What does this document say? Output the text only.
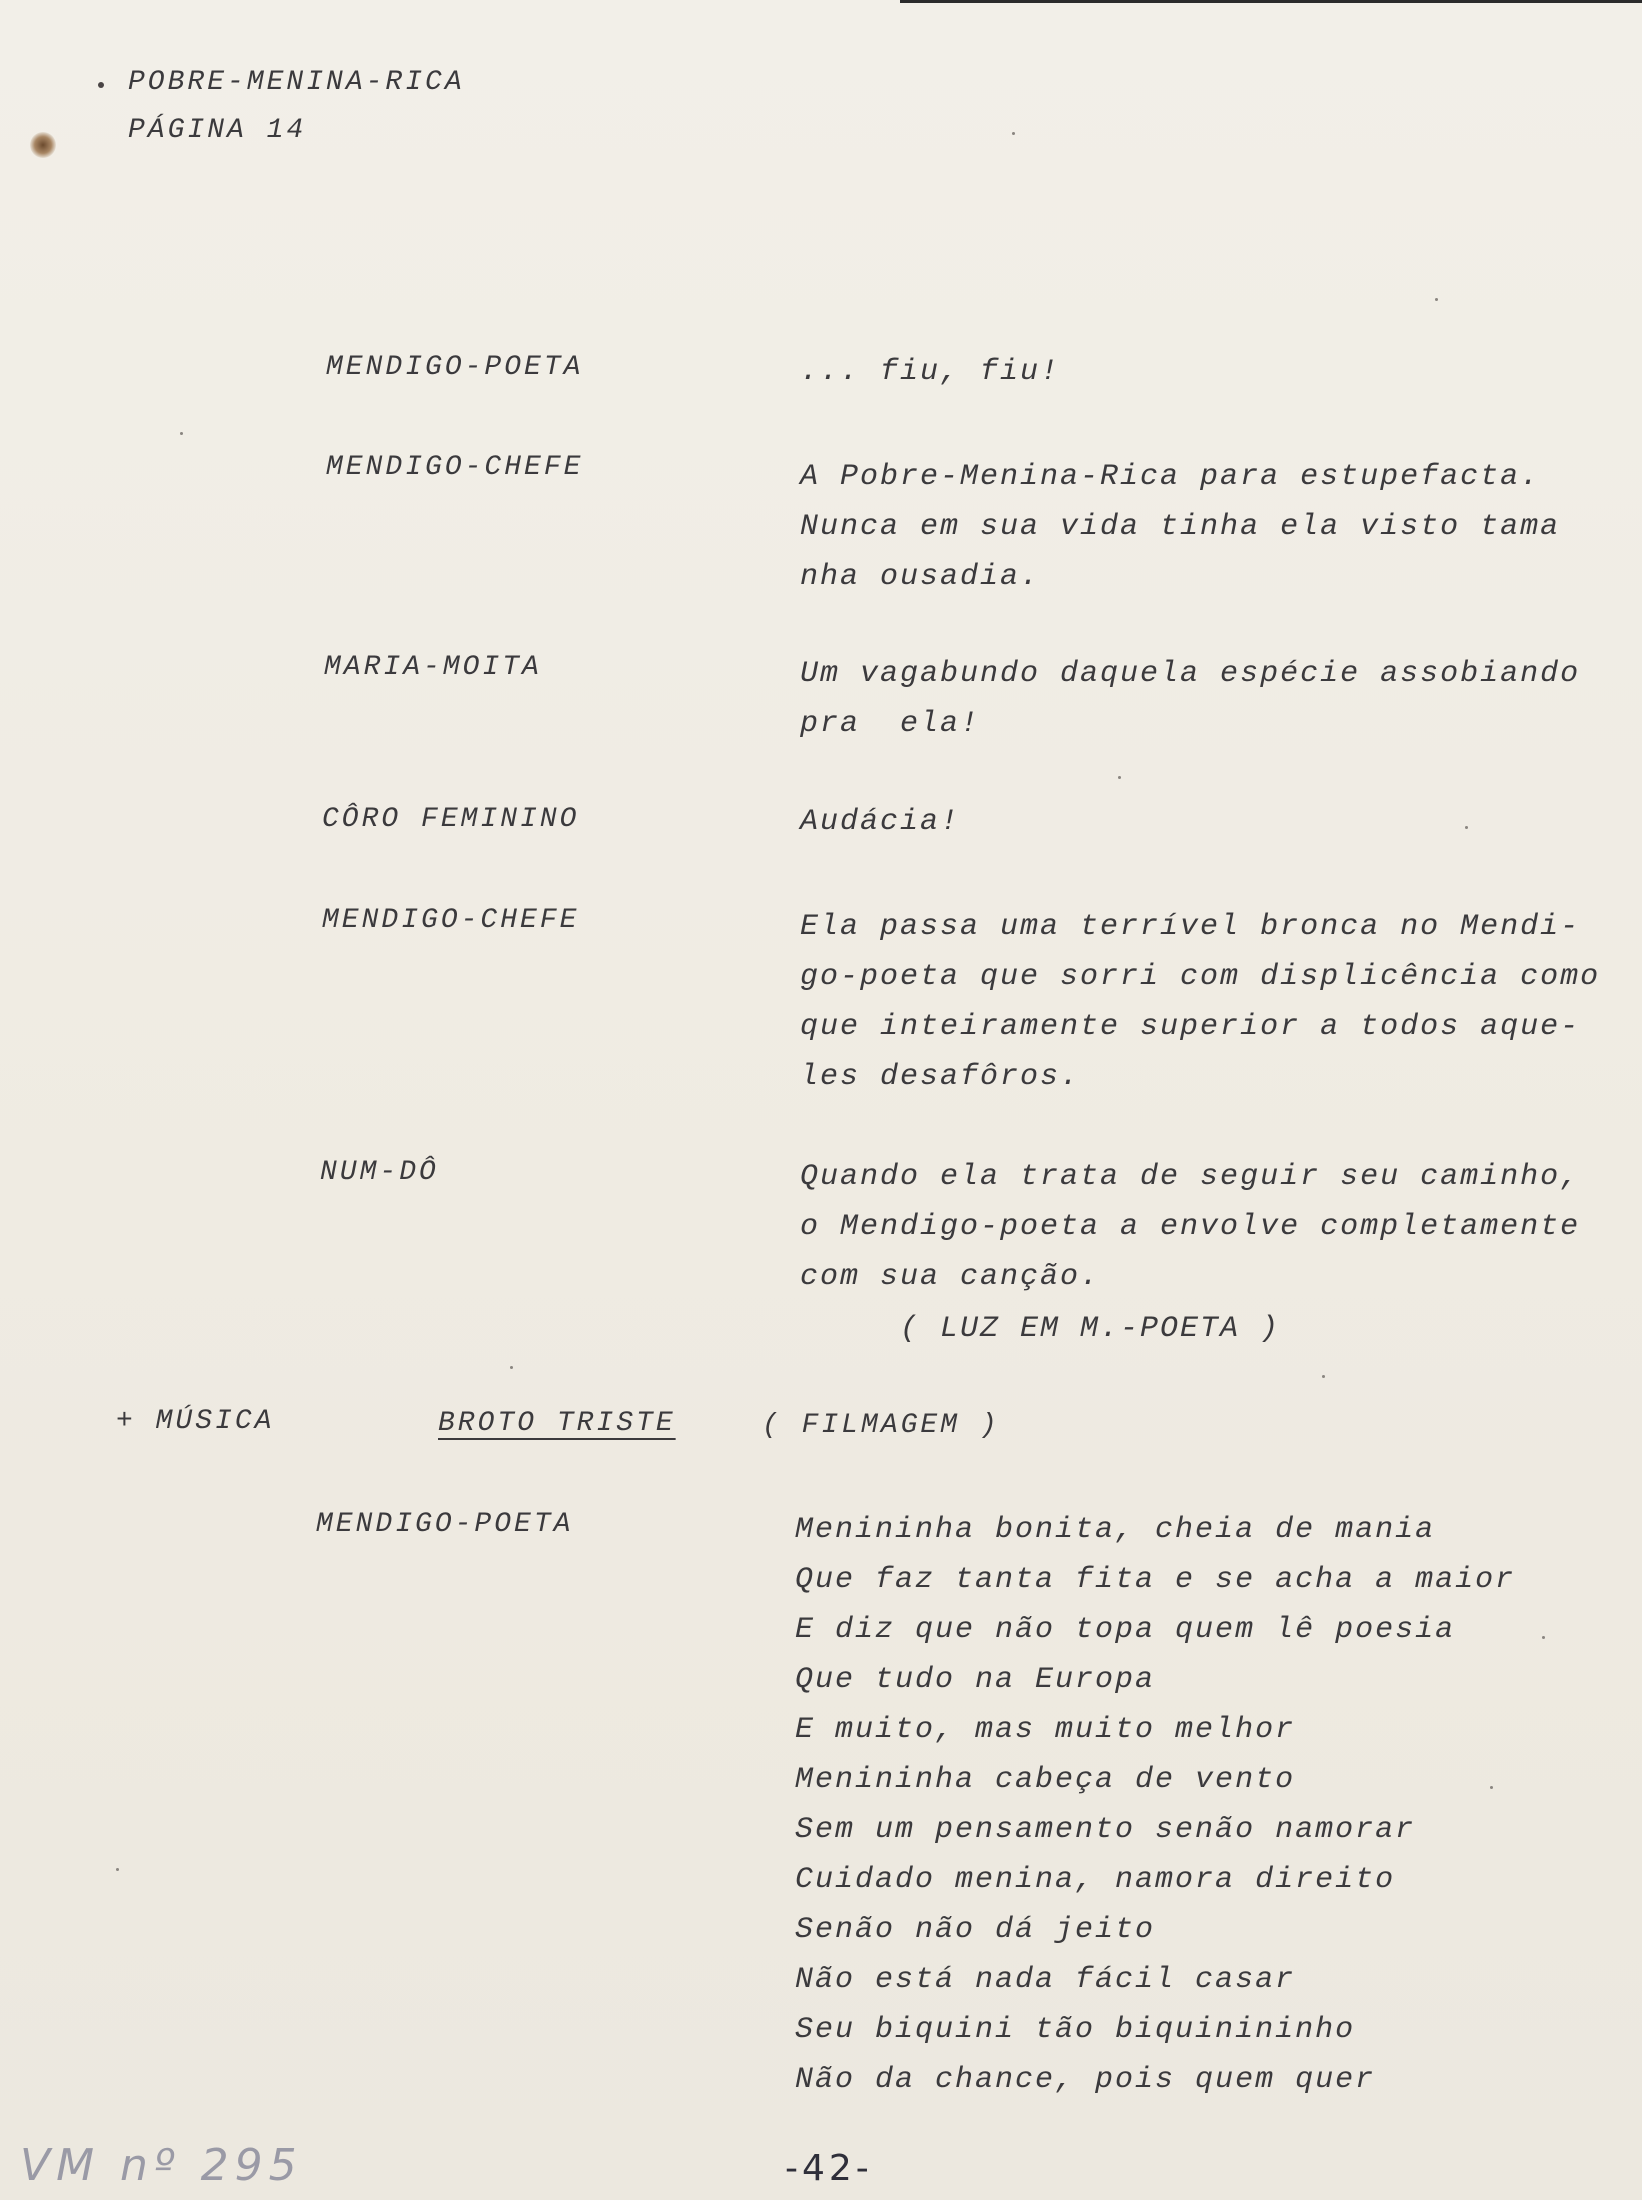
POBRE-MENINA-RICA
PÁGINA 14
MENDIGO-POETA	... fiu, fiu!
MENDIGO-CHEFE	A Pobre-Menina-Rica para estupefacta.
Nunca em sua vida tinha ela visto tama
nha ousadia.
MARIA-MOITA	Um vagabundo daquela espécie assobiando
pra  ela!
CÔRO FEMININO	Audácia!
MENDIGO-CHEFE	Ela passa uma terrível bronca no Mendi-
go-poeta que sorri com displicência como
que inteiramente superior a todos aque-
les desafôros.
NUM-DÔ	Quando ela trata de seguir seu caminho,
o Mendigo-poeta a envolve completamente
com sua canção.
( LUZ EM M.-POETA )
+ MÚSICA	BROTO TRISTE	( FILMAGEM )
MENDIGO-POETA	Menininha bonita, cheia de mania
Que faz tanta fita e se acha a maior
E diz que não topa quem lê poesia
Que tudo na Europa
E muito, mas muito melhor
Menininha cabeça de vento
Sem um pensamento senão namorar
Cuidado menina, namora direito
Senão não dá jeito
Não está nada fácil casar
Seu biquini tão biquinininho
Não da chance, pois quem quer
VM nº 295	-42-
